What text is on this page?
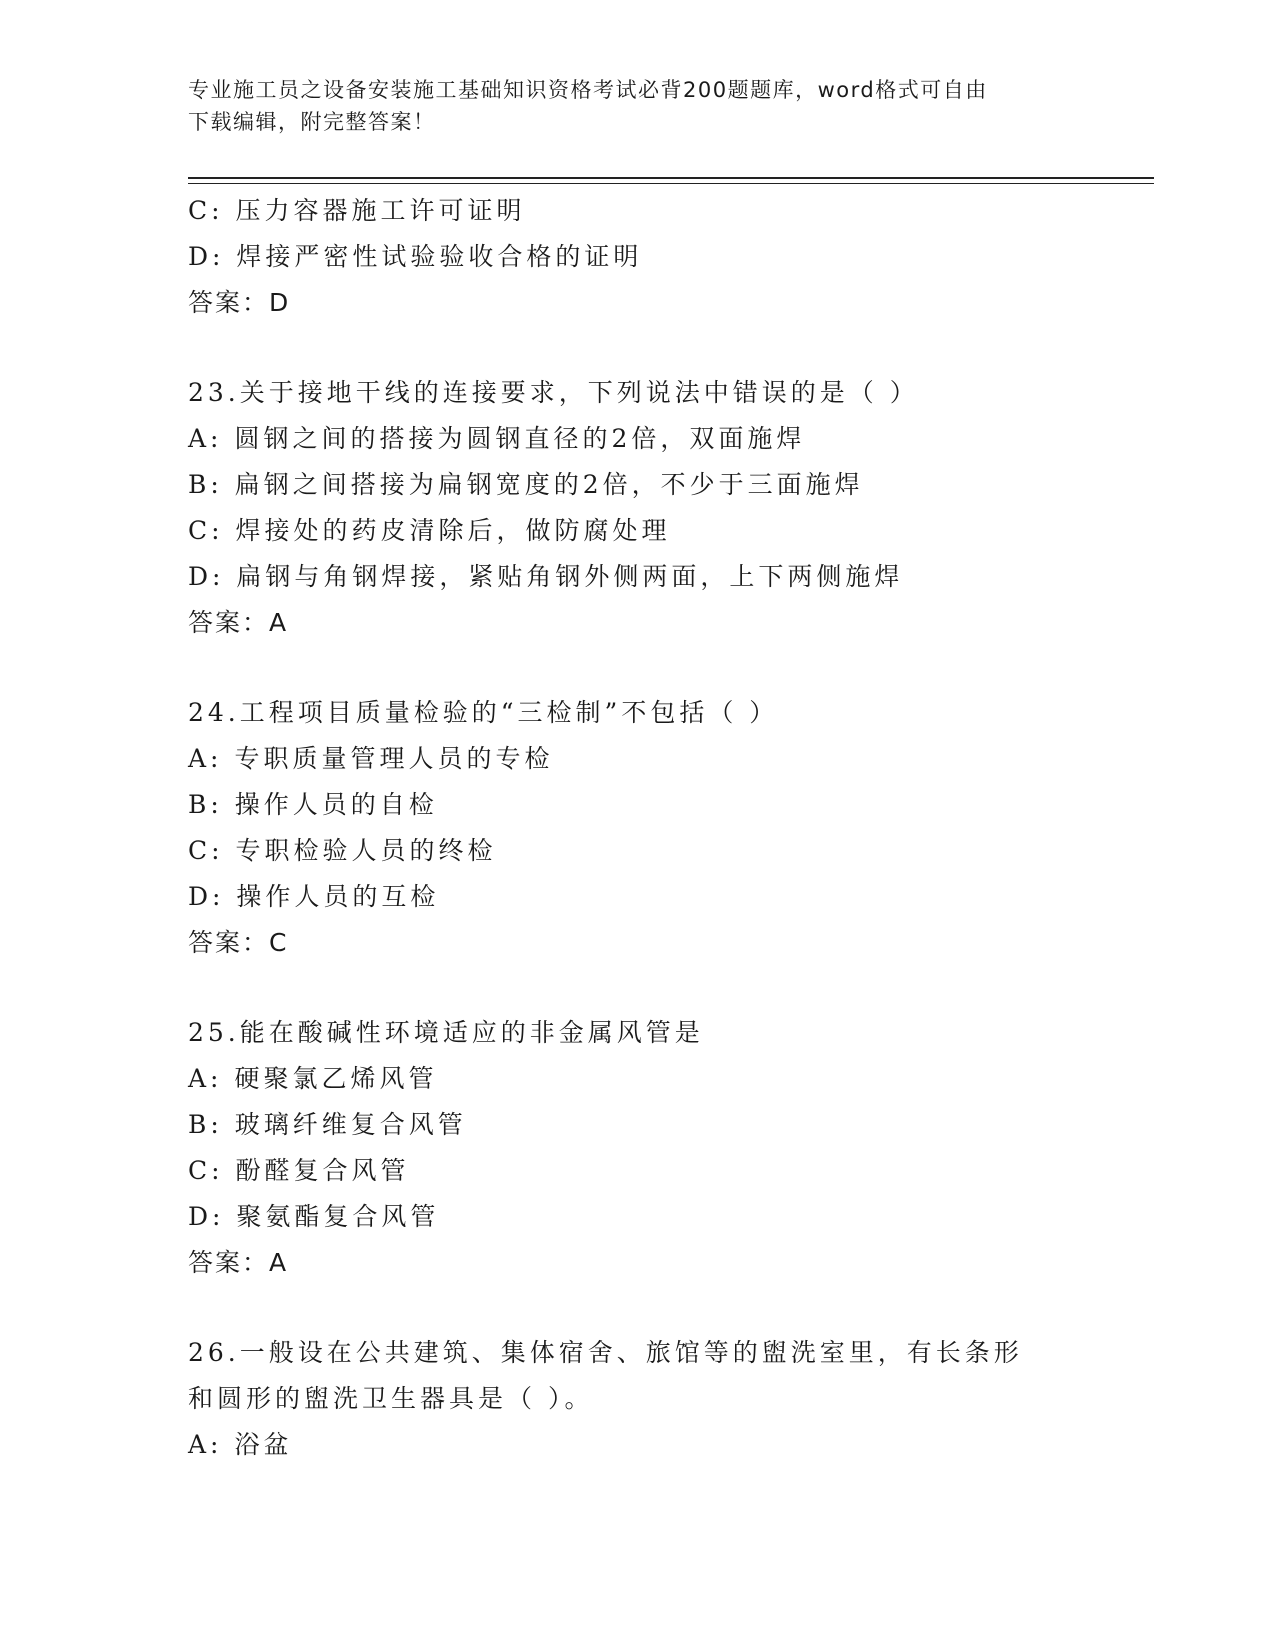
专业施工员之设备安装施工基础知识资格考试必背200题题库，word格式可自由
下载编辑，附完整答案！
C: 压力容器施工许可证明
D: 焊接严密性试验验收合格的证明
答案：D
23.关于接地干线的连接要求，下列说法中错误的是（ ）
A: 圆钢之间的搭接为圆钢直径的2倍，双面施焊
B: 扁钢之间搭接为扁钢宽度的2倍，不少于三面施焊
C: 焊接处的药皮清除后，做防腐处理
D: 扁钢与角钢焊接，紧贴角钢外侧两面，上下两侧施焊
答案：A
24.工程项目质量检验的“三检制”不包括（ ）
A: 专职质量管理人员的专检
B: 操作人员的自检
C: 专职检验人员的终检
D: 操作人员的互检
答案：C
25.能在酸碱性环境适应的非金属风管是
A: 硬聚氯乙烯风管
B: 玻璃纤维复合风管
C: 酚醛复合风管
D: 聚氨酯复合风管
答案：A
26.一般设在公共建筑、集体宿舍、旅馆等的盥洗室里，有长条形和圆形的盥洗卫生器具是（ ）。
A: 浴盆
